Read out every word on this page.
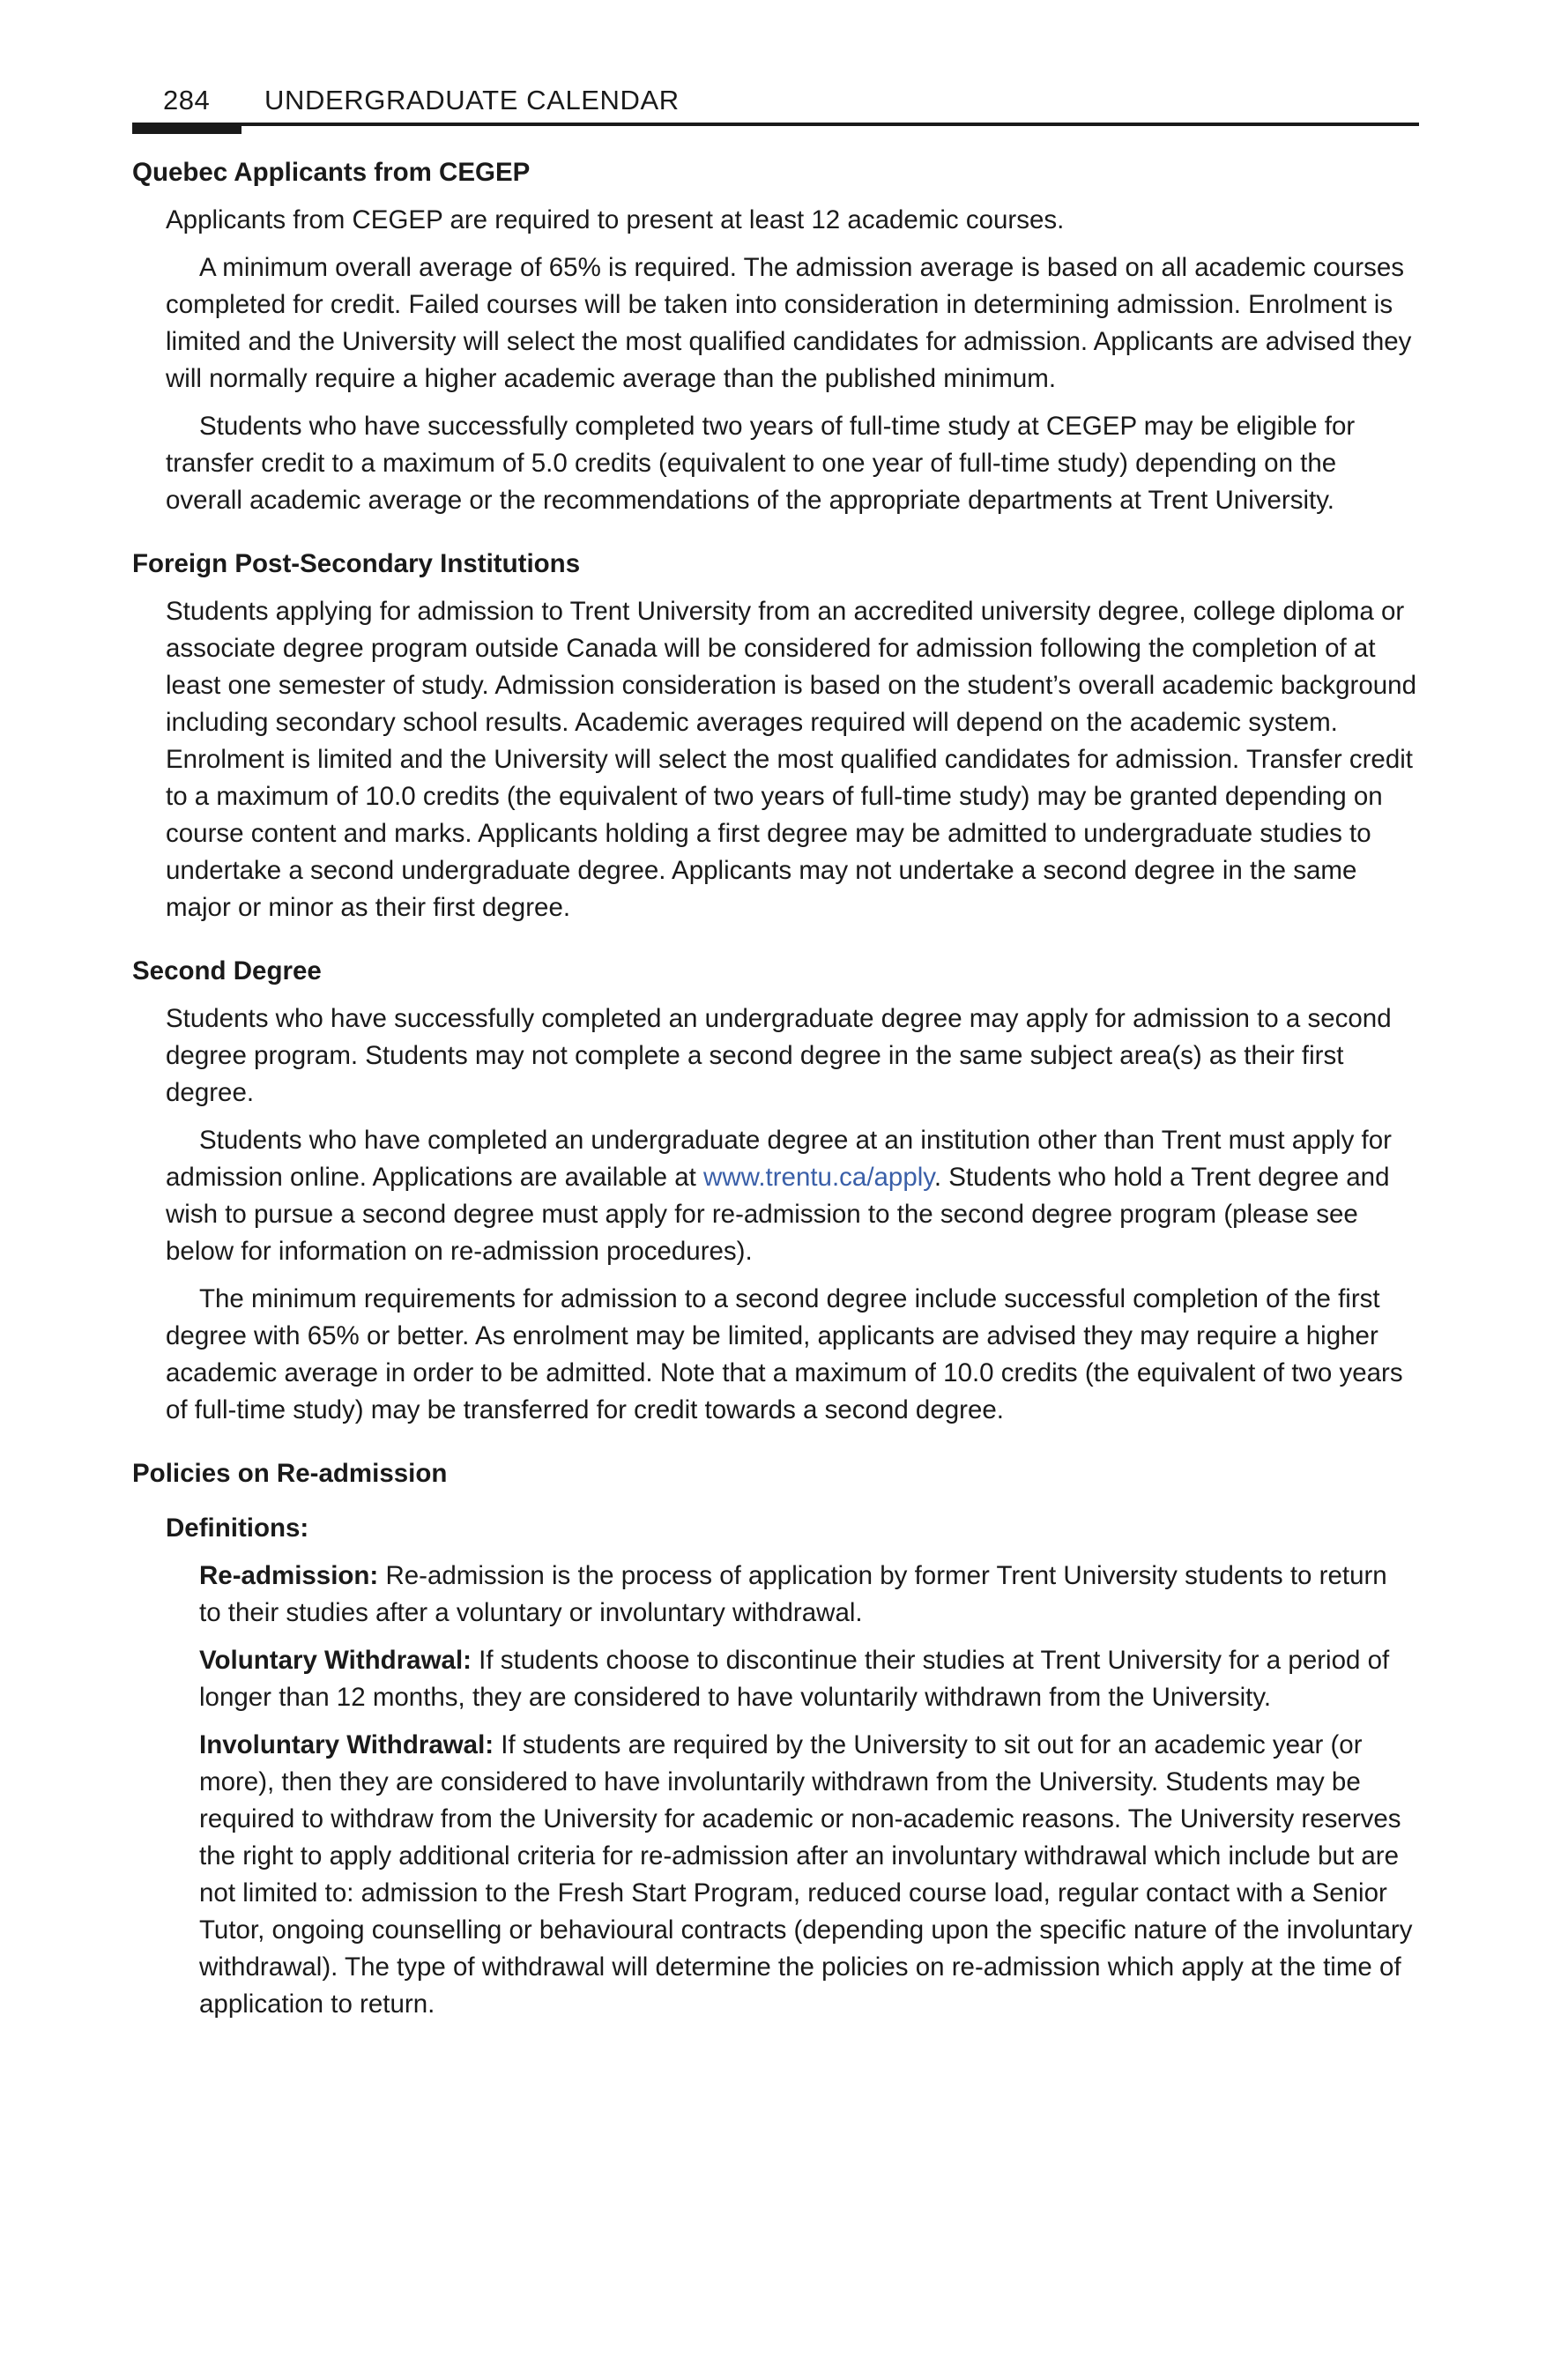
284 UNDERGRADUATE CALENDAR
Quebec Applicants from CEGEP

Applicants from CEGEP are required to present at least 12 academic courses.

A minimum overall average of 65% is required. The admission average is based on all academic courses completed for credit. Failed courses will be taken into consideration in determining admission. Enrolment is limited and the University will select the most qualified candidates for admission. Applicants are advised they will normally require a higher academic average than the published minimum.

Students who have successfully completed two years of full-time study at CEGEP may be eligible for transfer credit to a maximum of 5.0 credits (equivalent to one year of full-time study) depending on the overall academic average or the recommendations of the appropriate departments at Trent University.

Foreign Post-Secondary Institutions

Students applying for admission to Trent University from an accredited university degree, college diploma or associate degree program outside Canada will be considered for admission following the completion of at least one semester of study. Admission consideration is based on the student’s overall academic background including secondary school results. Academic averages required will depend on the academic system. Enrolment is limited and the University will select the most qualified candidates for admission. Transfer credit to a maximum of 10.0 credits (the equivalent of two years of full-time study) may be granted depending on course content and marks. Applicants holding a first degree may be admitted to undergraduate studies to undertake a second undergraduate degree. Applicants may not undertake a second degree in the same major or minor as their first degree.

Second Degree

Students who have successfully completed an undergraduate degree may apply for admission to a second degree program. Students may not complete a second degree in the same subject area(s) as their first degree.

Students who have completed an undergraduate degree at an institution other than Trent must apply for admission online. Applications are available at www.trentu.ca/apply. Students who hold a Trent degree and wish to pursue a second degree must apply for re-admission to the second degree program (please see below for information on re-admission procedures).

The minimum requirements for admission to a second degree include successful completion of the first degree with 65% or better. As enrolment may be limited, applicants are advised they may require a higher academic average in order to be admitted. Note that a maximum of 10.0 credits (the equivalent of two years of full-time study) may be transferred for credit towards a second degree.

Policies on Re-admission
Definitions:

Re-admission: Re-admission is the process of application by former Trent University students to return to their studies after a voluntary or involuntary withdrawal.

Voluntary Withdrawal: If students choose to discontinue their studies at Trent University for a period of longer than 12 months, they are considered to have voluntarily withdrawn from the University.

Involuntary Withdrawal: If students are required by the University to sit out for an academic year (or more), then they are considered to have involuntarily withdrawn from the University. Students may be required to withdraw from the University for academic or non-academic reasons. The University reserves the right to apply additional criteria for re-admission after an involuntary withdrawal which include but are not limited to: admission to the Fresh Start Program, reduced course load, regular contact with a Senior Tutor, ongoing counselling or behavioural contracts (depending upon the specific nature of the involuntary withdrawal). The type of withdrawal will determine the policies on re-admission which apply at the time of application to return.
